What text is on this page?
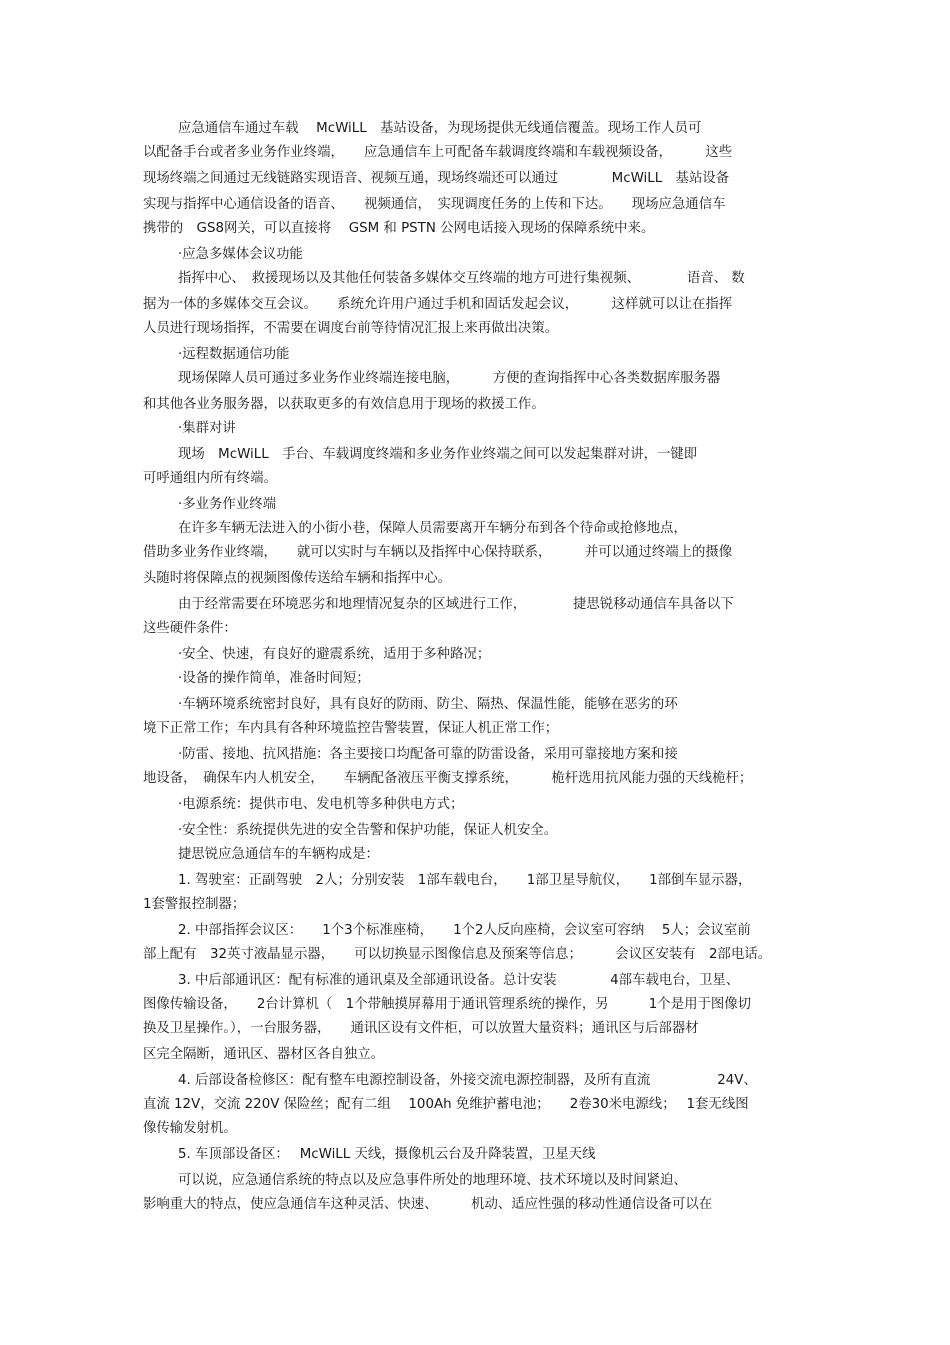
应急通信车通过车载　 McWiLL　基站设备，为现场提供无线通信覆盖。现场工作人员可

以配备手台或者多业务作业终端，　　应急通信车上可配备车载调度终端和车载视频设备，　　　这些

现场终端之间通过无线链路实现语音、视频互通，现场终端还可以通过　　　　McWiLL　基站设备

实现与指挥中心通信设备的语音、　　视频通信，　实现调度任务的上传和下达。　　现场应急通信车

携带的　GS8网关，可以直接将　 GSM 和 PSTN 公网电话接入现场的保障系统中来。

·应急多媒体会议功能

指挥中心、　救援现场以及其他任何装备多媒体交互终端的地方可进行集视频、　　　　语音、 数

据为一体的多媒体交互会议。　　系统允许用户通过手机和固话发起会议，　　　这样就可以让在指挥

人员进行现场指挥，不需要在调度台前等待情况汇报上来再做出决策。

·远程数据通信功能

现场保障人员可通过多业务作业终端连接电脑，　　　方便的查询指挥中心各类数据库服务器

和其他各业务服务器，以获取更多的有效信息用于现场的救援工作。

·集群对讲

现场　McWiLL　手台、车载调度终端和多业务作业终端之间可以发起集群对讲，一键即

可呼通组内所有终端。

·多业务作业终端

在许多车辆无法进入的小街小巷，保障人员需要离开车辆分布到各个待命或抢修地点，

借助多业务作业终端，　　就可以实时与车辆以及指挥中心保持联系，　　　并可以通过终端上的摄像

头随时将保障点的视频图像传送给车辆和指挥中心。

由于经常需要在环境恶劣和地理情况复杂的区域进行工作，　　　　捷思锐移动通信车具备以下

这些硬件条件：

·安全、快速，有良好的避震系统，适用于多种路况；

·设备的操作简单，准备时间短；

·车辆环境系统密封良好，具有良好的防雨、防尘、隔热、保温性能，能够在恶劣的环

境下正常工作；车内具有各种环境监控告警装置，保证人机正常工作；

·防雷、接地、抗风措施：各主要接口均配备可靠的防雷设备，采用可靠接地方案和接

地设备，　确保车内人机安全，　　车辆配备液压平衡支撑系统，　　　桅杆选用抗风能力强的天线桅杆；

·电源系统：提供市电、发电机等多种供电方式；

·安全性：系统提供先进的安全告警和保护功能，保证人机安全。

捷思锐应急通信车的车辆构成是：

1. 驾驶室：正副驾驶　2人；分别安装　1部车载电台，　　1部卫星导航仪，　　1部倒车显示器，

1套警报控制器；

2. 中部指挥会议区：　　1个3个标准座椅，　　1个2人反向座椅，会议室可容纳　 5人；会议室前

部上配有　32英寸液晶显示器，　　可以切换显示图像信息及预案等信息；　　　会议区安装有　2部电话。

3. 中后部通讯区：配有标准的通讯桌及全部通讯设备。总计安装　　　　4部车载电台，卫星、

图像传输设备，　　2台计算机（　1个带触摸屏幕用于通讯管理系统的操作，另　　　1个是用于图像切

换及卫星操作。），一台服务器，　　通讯区设有文件柜，可以放置大量资料；通讯区与后部器材

区完全隔断，通讯区、器材区各自独立。

4. 后部设备检修区：配有整车电源控制设备，外接交流电源控制器，及所有直流　　　　　24V、

直流 12V，交流 220V 保险丝；配有二组　 100Ah 免维护蓄电池；　　2卷30米电源线；　 1套无线图

像传输发射机。

5. 车顶部设备区：　 McWiLL 天线，摄像机云台及升降装置，卫星天线

可以说，应急通信系统的特点以及应急事件所处的地理环境、技术环境以及时间紧迫、

影响重大的特点，使应急通信车这种灵活、快速、　　　机动、适应性强的移动性通信设备可以在
